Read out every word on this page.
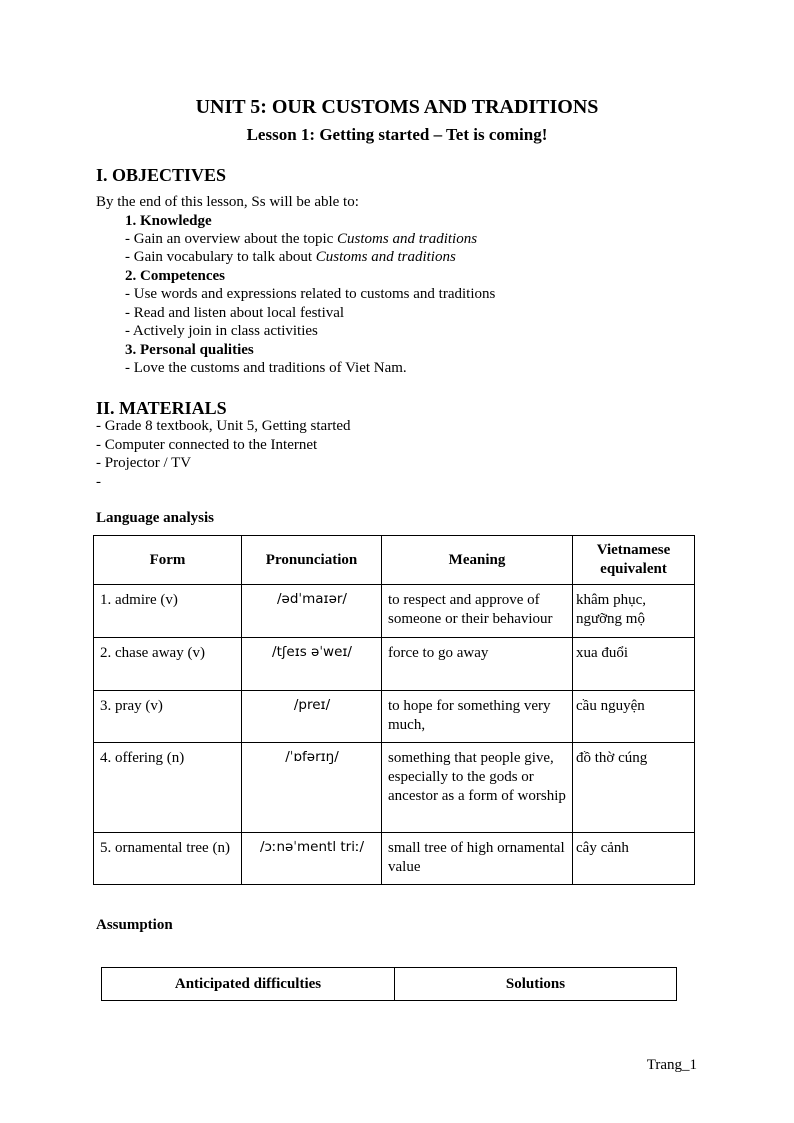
UNIT 5: OUR CUSTOMS AND TRADITIONS
Lesson 1: Getting started – Tet is coming!
I. OBJECTIVES
By the end of this lesson, Ss will be able to:
1. Knowledge
- Gain an overview about the topic Customs and traditions
- Gain vocabulary to talk about Customs and traditions
2. Competences
- Use words and expressions related to customs and traditions
- Read and listen about local festival
- Actively join in class activities
3. Personal qualities
- Love the customs and traditions of Viet Nam.
II. MATERIALS
- Grade 8 textbook, Unit 5, Getting started
- Computer connected to the Internet
- Projector / TV
-
Language analysis
Form	Pronunciation	Meaning	Vietnamese equivalent
1. admire (v)	/ədˈmaɪər/	to respect and approve of someone or their behaviour	khâm phục, ngưỡng mộ
2. chase away (v)	/tʃeɪs əˈweɪ/	force to go away	xua đuổi
3. pray (v)	/preɪ/	to hope for something very much,	cầu nguyện
4. offering (n)	/ˈɒfərɪŋ/	something that people give, especially to the gods or ancestor as a form of worship	đồ thờ cúng
5. ornamental tree (n)	/ɔːnəˈmentl triː/	small tree of high ornamental value	cây cảnh
Assumption
Anticipated difficulties	Solutions
Trang_1
